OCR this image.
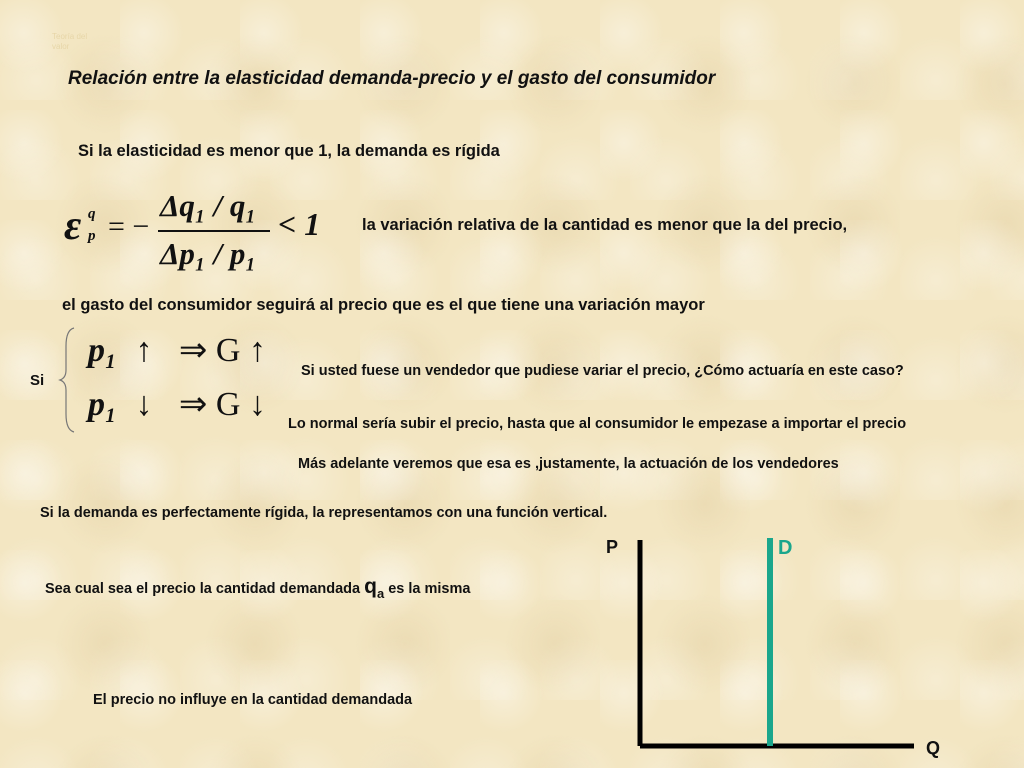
Teoría del
valor
Relación entre la elasticidad demanda-precio y el gasto del consumidor
Si la elasticidad es menor que 1, la demanda es rígida
ε q
p = −
Δq₁ / q₁
Δp₁ / p₁
< 1	la variación relativa de la cantidad es menor que la del precio,
el gasto del consumidor seguirá al precio que es el que tiene una variación mayor
Si
p₁ ↑ ⇒ G ↑
p₁ ↓ ⇒ G ↓
Si usted fuese un vendedor que pudiese variar el precio, ¿Cómo actuaría en este caso?
Lo normal sería subir el precio, hasta que al consumidor le empezase a importar el precio
Más adelante veremos que esa es ,justamente, la actuación de los vendedores
Si la demanda es perfectamente rígida, la representamos con una función vertical.
Sea cual sea el precio la cantidad demandada $q_a$ es la misma
El precio no influye en la cantidad demandada
P	D
Q
